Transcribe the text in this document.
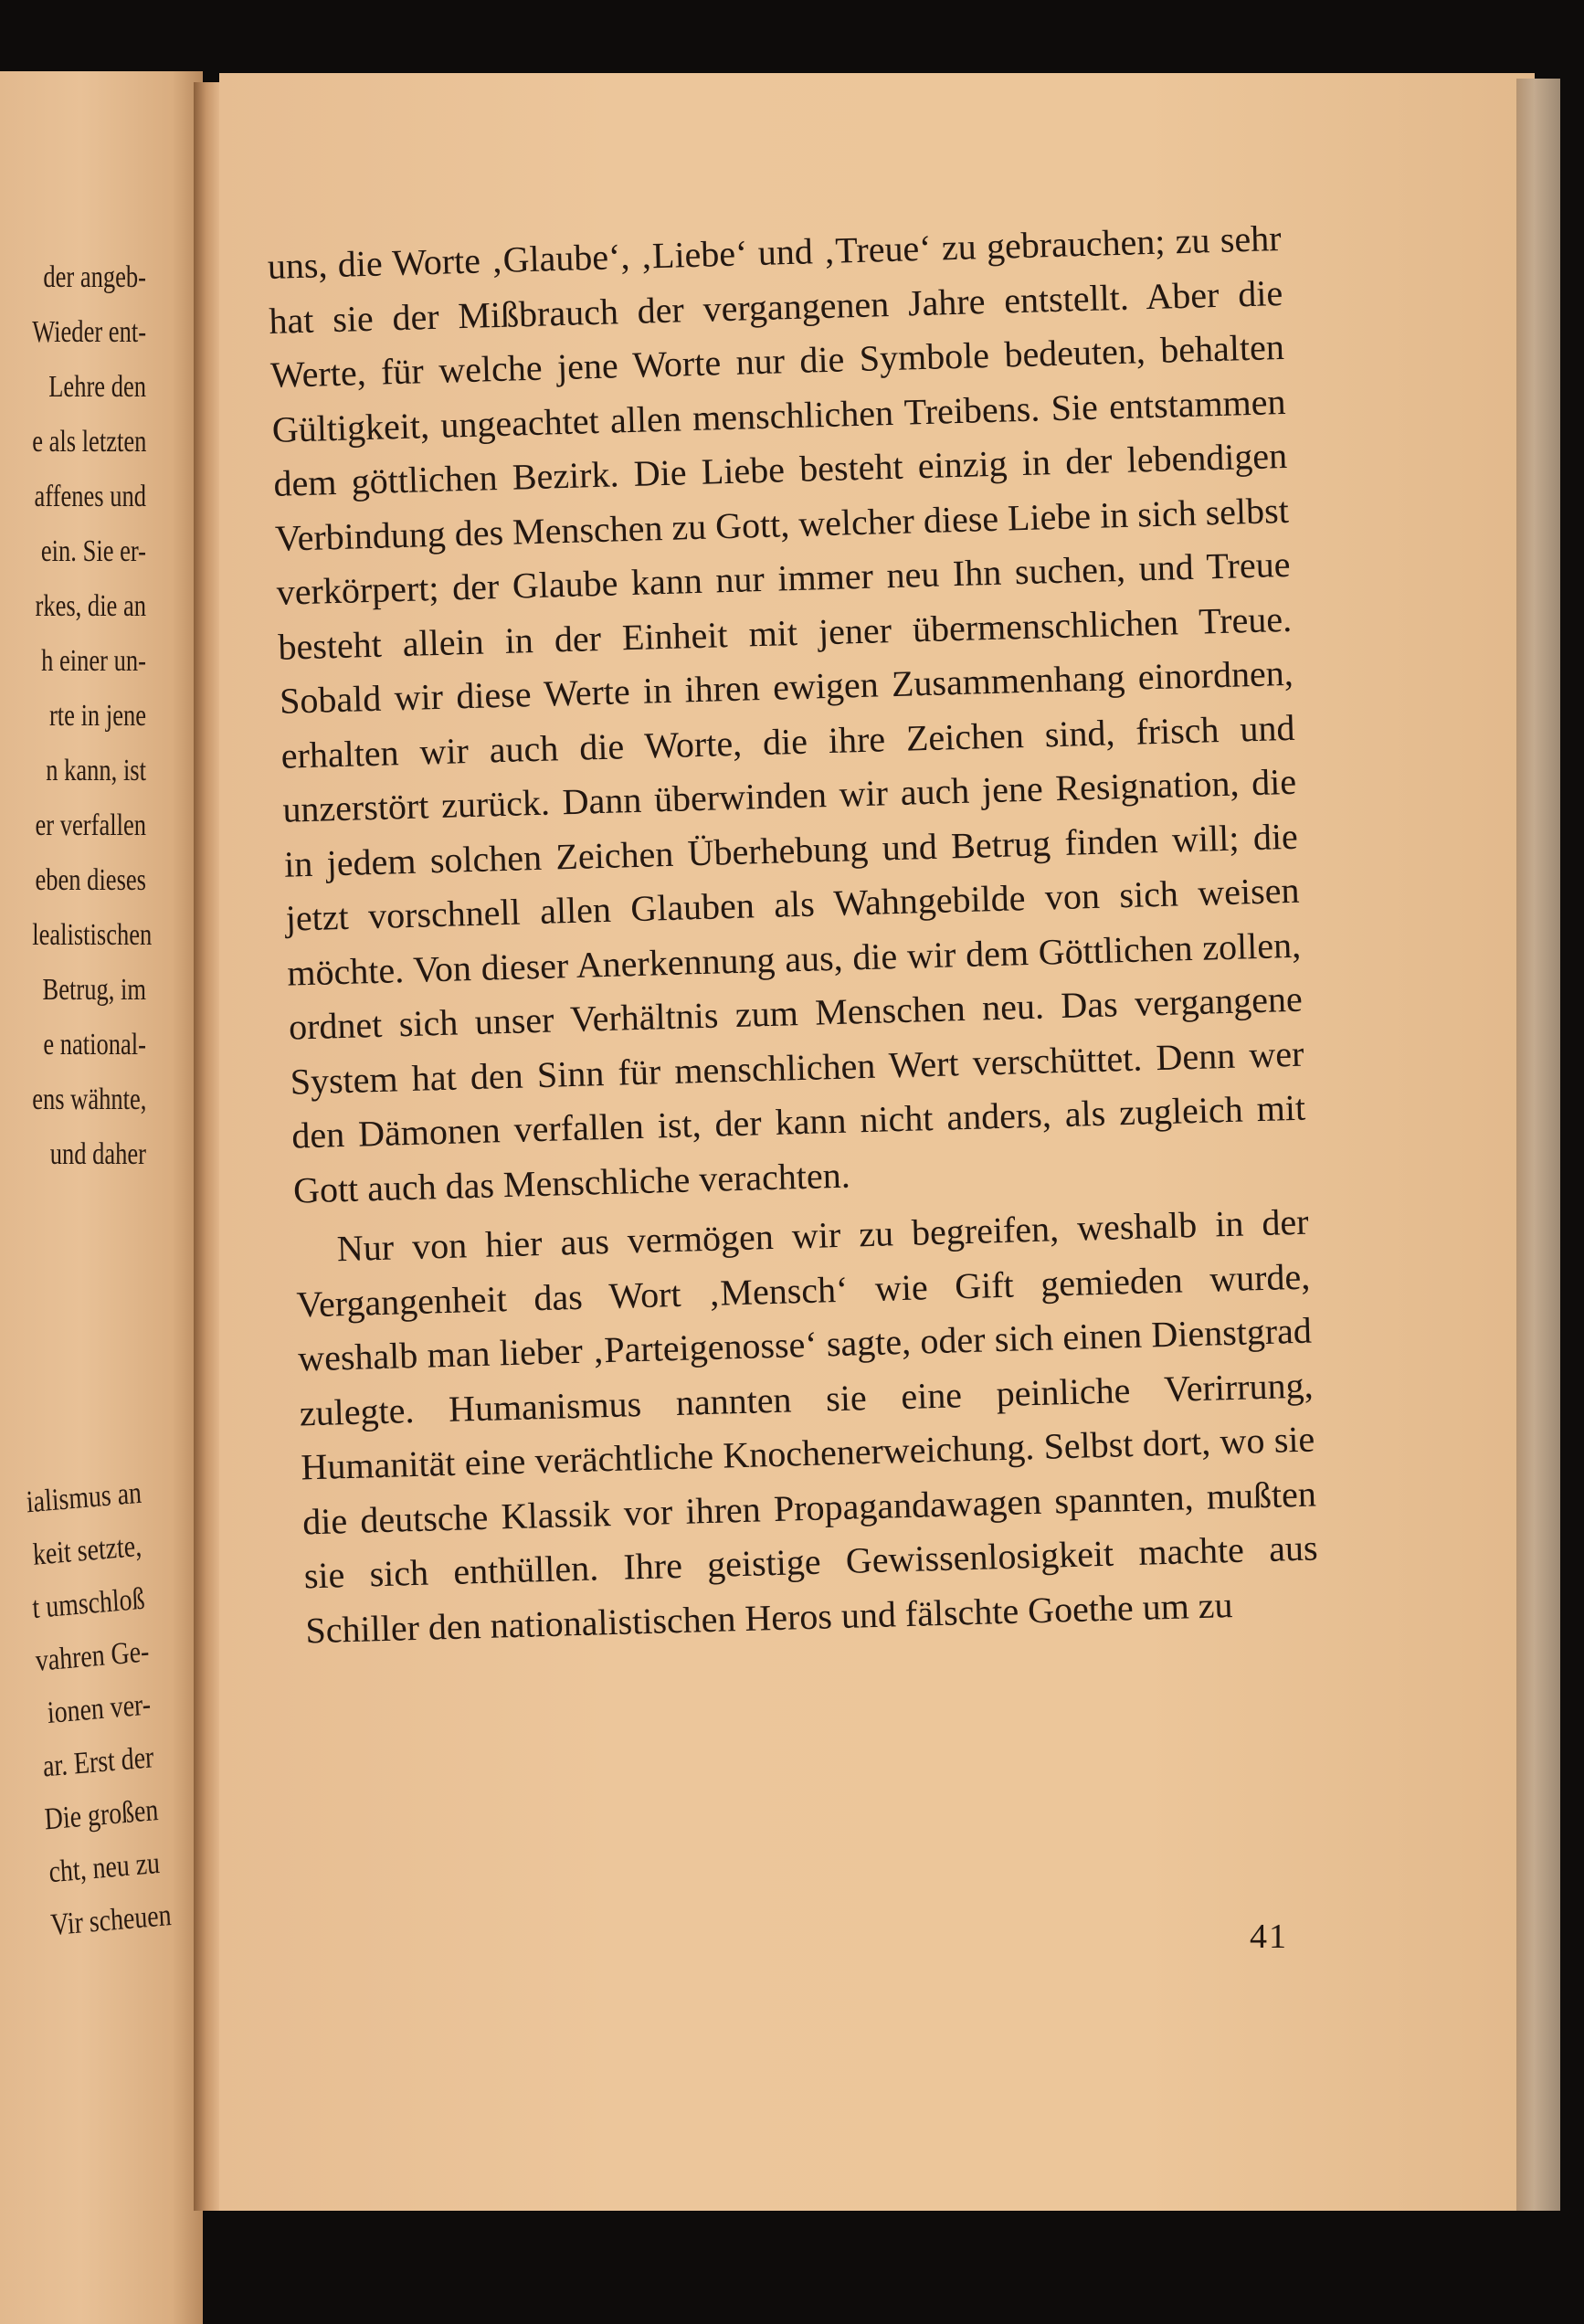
der angeb-
Wieder ent-
Lehre den
e als letzten
affenes und
ein. Sie er-
rkes, die an
h einer un-
rte in jene
n kann, ist
er verfallen
eben dieses
lealistischen
Betrug, im
e national-
ens wähnte,
und daher
ialismus an
keit setzte,
t umschloß
vahren Ge-
ionen ver-
ar. Erst der
Die großen
cht, neu zu
Vir scheuen

uns, die Worte ‚Glaube‘, ‚Liebe‘ und ‚Treue‘ zu gebrauchen; zu sehr hat sie der Mißbrauch der vergangenen Jahre entstellt. Aber die Werte, für welche jene Worte nur die Symbole bedeuten, behalten Gültigkeit, ungeachtet allen menschlichen Treibens. Sie entstammen dem göttlichen Bezirk. Die Liebe besteht einzig in der lebendigen Verbindung des Menschen zu Gott, welcher diese Liebe in sich selbst verkörpert; der Glaube kann nur immer neu Ihn suchen, und Treue besteht allein in der Einheit mit jener übermenschlichen Treue. Sobald wir diese Werte in ihren ewigen Zusammenhang einordnen, erhalten wir auch die Worte, die ihre Zeichen sind, frisch und unzerstört zurück. Dann überwinden wir auch jene Resignation, die in jedem solchen Zeichen Überhebung und Betrug finden will; die jetzt vorschnell allen Glauben als Wahngebilde von sich weisen möchte. Von dieser Anerkennung aus, die wir dem Göttlichen zollen, ordnet sich unser Verhältnis zum Menschen neu. Das vergangene System hat den Sinn für menschlichen Wert verschüttet. Denn wer den Dämonen verfallen ist, der kann nicht anders, als zugleich mit Gott auch das Menschliche verachten.

Nur von hier aus vermögen wir zu begreifen, weshalb in der Vergangenheit das Wort ‚Mensch‘ wie Gift gemieden wurde, weshalb man lieber ‚Parteigenosse‘ sagte, oder sich einen Dienstgrad zulegte. Humanismus nannten sie eine peinliche Verirrung, Humanität eine verächtliche Knochenerweichung. Selbst dort, wo sie die deutsche Klassik vor ihren Propagandawagen spannten, mußten sie sich enthüllen. Ihre geistige Gewissenlosigkeit machte aus Schiller den nationalistischen Heros und fälschte Goethe um zu

41
